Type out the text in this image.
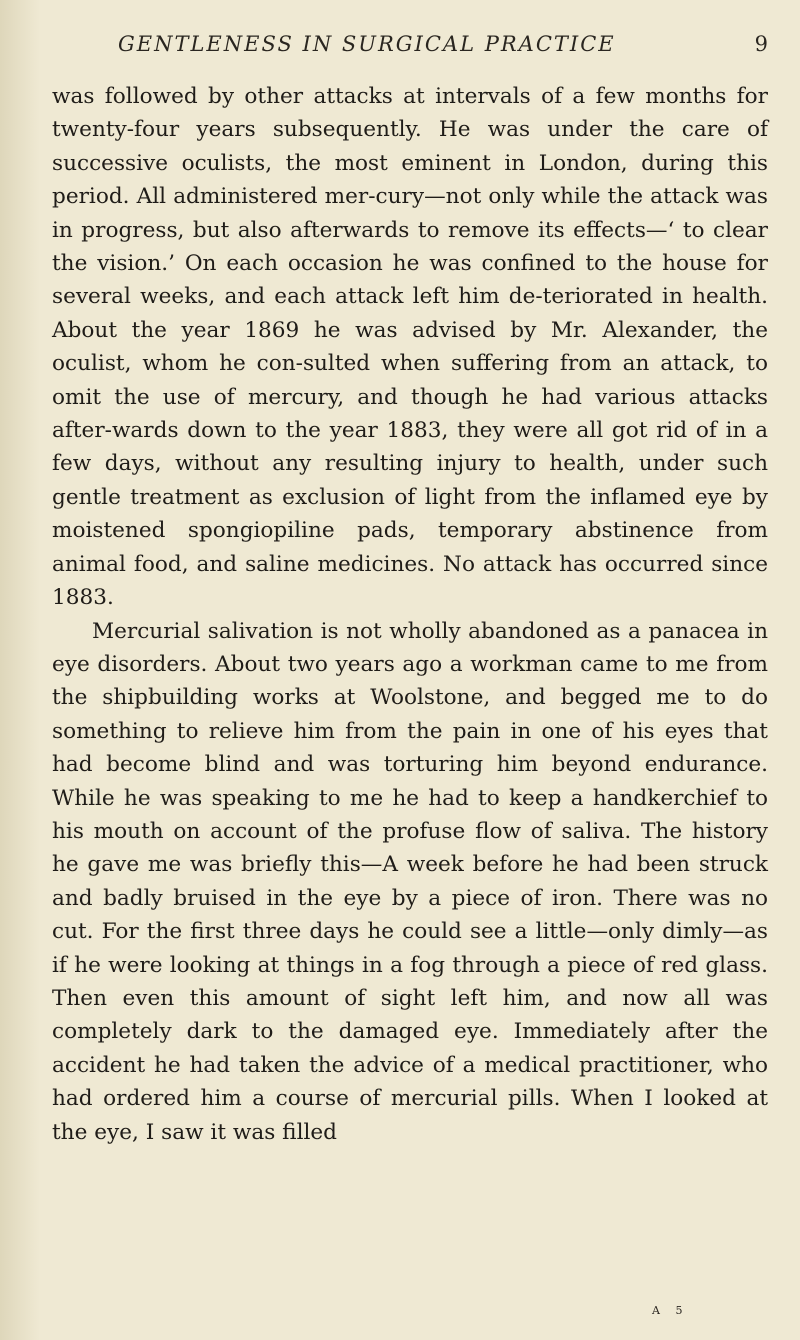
GENTLENESS IN SURGICAL PRACTICE	9

was followed by other attacks at intervals of a few months for twenty-four years subsequently. He was under the care of successive oculists, the most eminent in London, during this period. All administered mer-cury—not only while the attack was in progress, but also afterwards to remove its effects—‘ to clear the vision.’ On each occasion he was confined to the house for several weeks, and each attack left him de-teriorated in health. About the year 1869 he was advised by Mr. Alexander, the oculist, whom he con-sulted when suffering from an attack, to omit the use of mercury, and though he had various attacks after-wards down to the year 1883, they were all got rid of in a few days, without any resulting injury to health, under such gentle treatment as exclusion of light from the inflamed eye by moistened spongiopiline pads, temporary abstinence from animal food, and saline medicines. No attack has occurred since 1883.

Mercurial salivation is not wholly abandoned as a panacea in eye disorders. About two years ago a workman came to me from the shipbuilding works at Woolstone, and begged me to do something to relieve him from the pain in one of his eyes that had become blind and was torturing him beyond endurance. While he was speaking to me he had to keep a handkerchief to his mouth on account of the profuse flow of saliva. The history he gave me was briefly this—A week before he had been struck and badly bruised in the eye by a piece of iron. There was no cut. For the first three days he could see a little—only dimly—as if he were looking at things in a fog through a piece of red glass. Then even this amount of sight left him, and now all was completely dark to the damaged eye. Immediately after the accident he had taken the advice of a medical practitioner, who had ordered him a course of mercurial pills. When I looked at the eye, I saw it was filled

A 5
